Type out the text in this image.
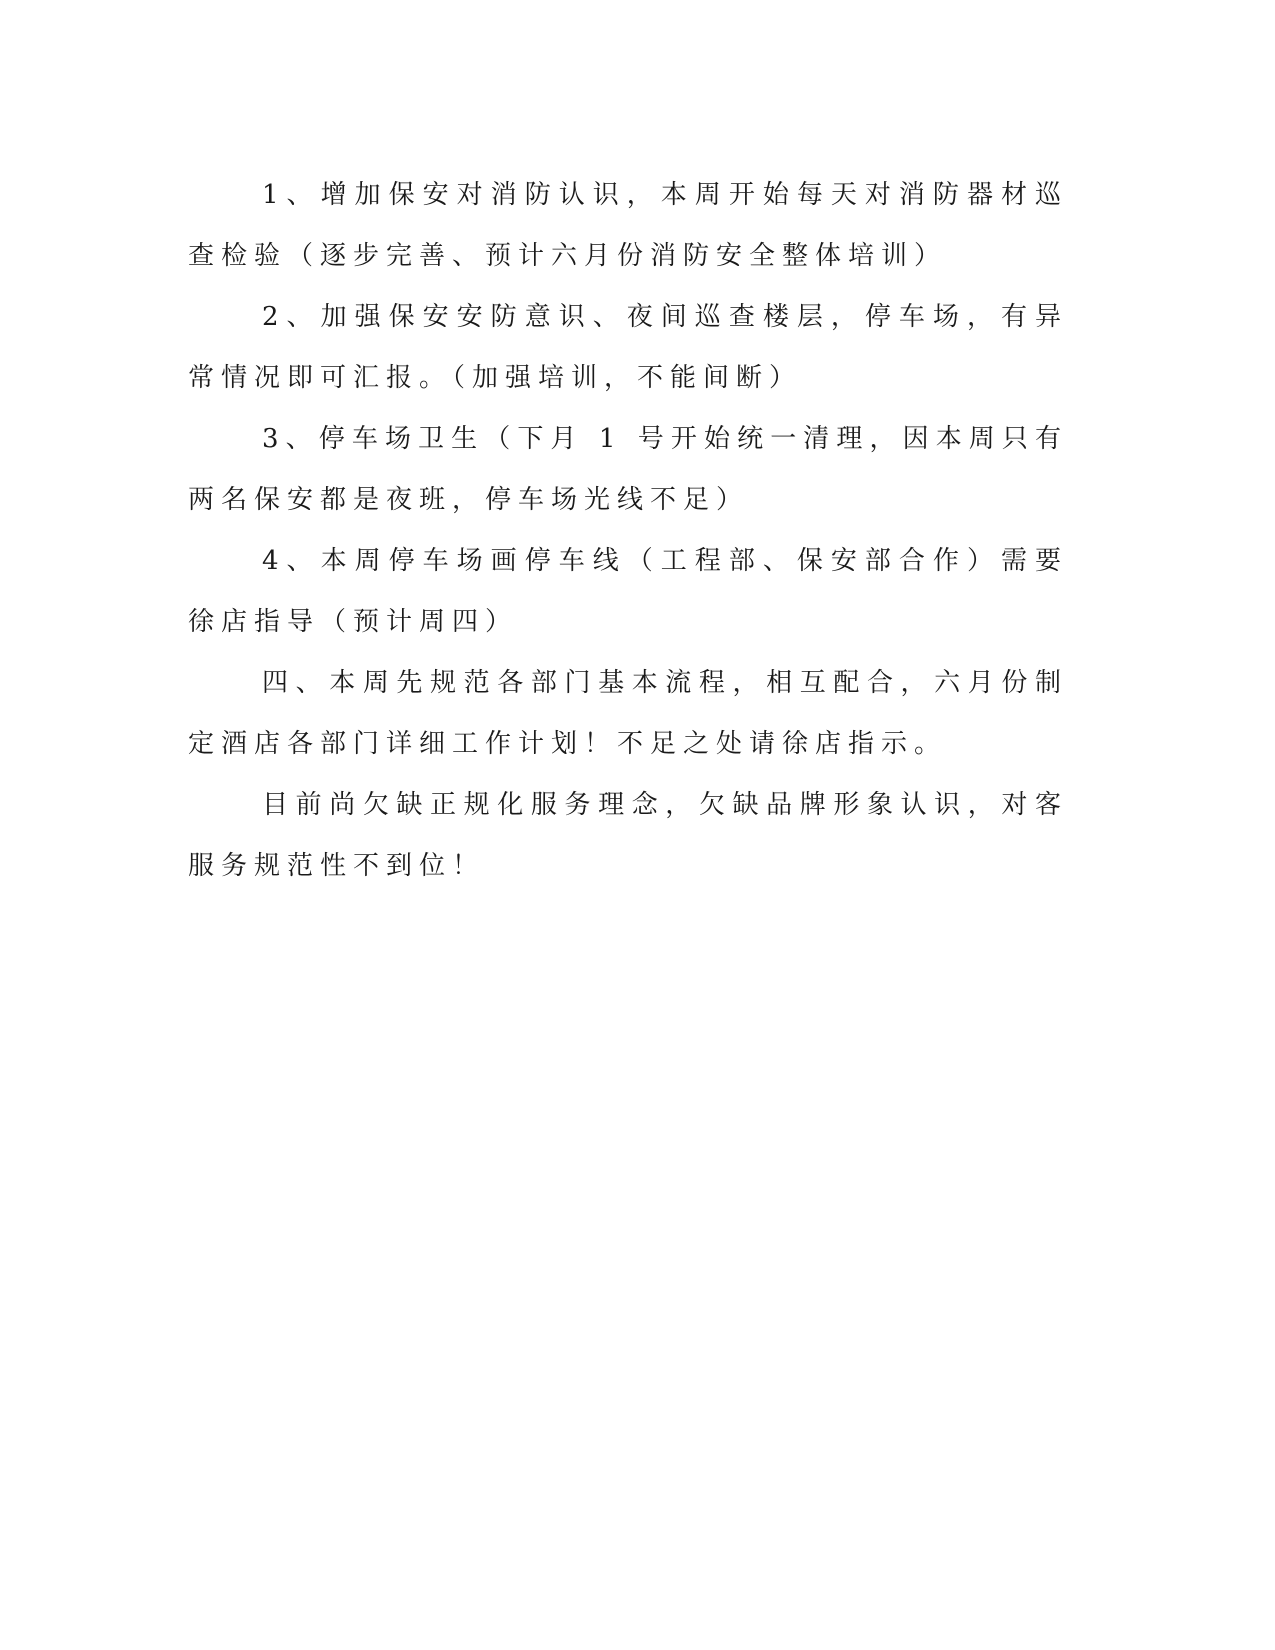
1、增加保安对消防认识，本周开始每天对消防器材巡查检验（逐步完善、预计六月份消防安全整体培训）

2、加强保安安防意识、夜间巡查楼层，停车场，有异常情况即可汇报。（加强培训，不能间断）

3、停车场卫生（下月 1 号开始统一清理，因本周只有两名保安都是夜班，停车场光线不足）

4、本周停车场画停车线（工程部、保安部合作）需要徐店指导（预计周四）

四、本周先规范各部门基本流程，相互配合，六月份制定酒店各部门详细工作计划！不足之处请徐店指示。

目前尚欠缺正规化服务理念，欠缺品牌形象认识，对客服务规范性不到位！
